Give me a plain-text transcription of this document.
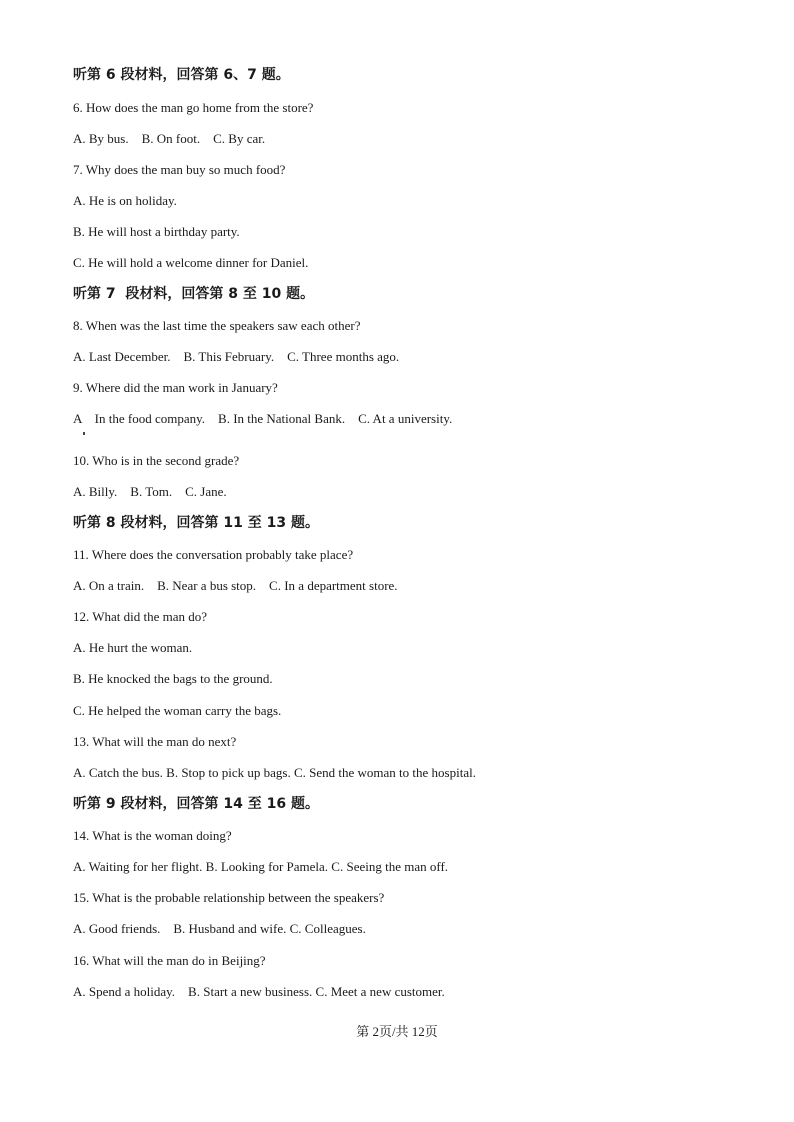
听第 6 段材料，回答第 6、7 题。
6. How does the man go home from the store?
A. By bus.    B. On foot.    C. By car.
7. Why does the man buy so much food?
A. He is on holiday.
B. He will host a birthday party.
C. He will hold a welcome dinner for Daniel.
听第 7  段材料，回答第 8 至 10 题。
8. When was the last time the speakers saw each other?
A. Last December.    B. This February.    C. Three months ago.
9. Where did the man work in January?
A    In the food company.    B. In the National Bank.    C. At a university.
10. Who is in the second grade?
A. Billy.    B. Tom.    C. Jane.
听第 8 段材料，回答第 11 至 13 题。
11. Where does the conversation probably take place?
A. On a train.    B. Near a bus stop.    C. In a department store.
12. What did the man do?
A. He hurt the woman.
B. He knocked the bags to the ground.
C. He helped the woman carry the bags.
13. What will the man do next?
A. Catch the bus. B. Stop to pick up bags. C. Send the woman to the hospital.
听第 9 段材料，回答第 14 至 16 题。
14. What is the woman doing?
A. Waiting for her flight. B. Looking for Pamela. C. Seeing the man off.
15. What is the probable relationship between the speakers?
A. Good friends.    B. Husband and wife. C. Colleagues.
16. What will the man do in Beijing?
A. Spend a holiday.    B. Start a new business. C. Meet a new customer.
第 2页/共 12页
